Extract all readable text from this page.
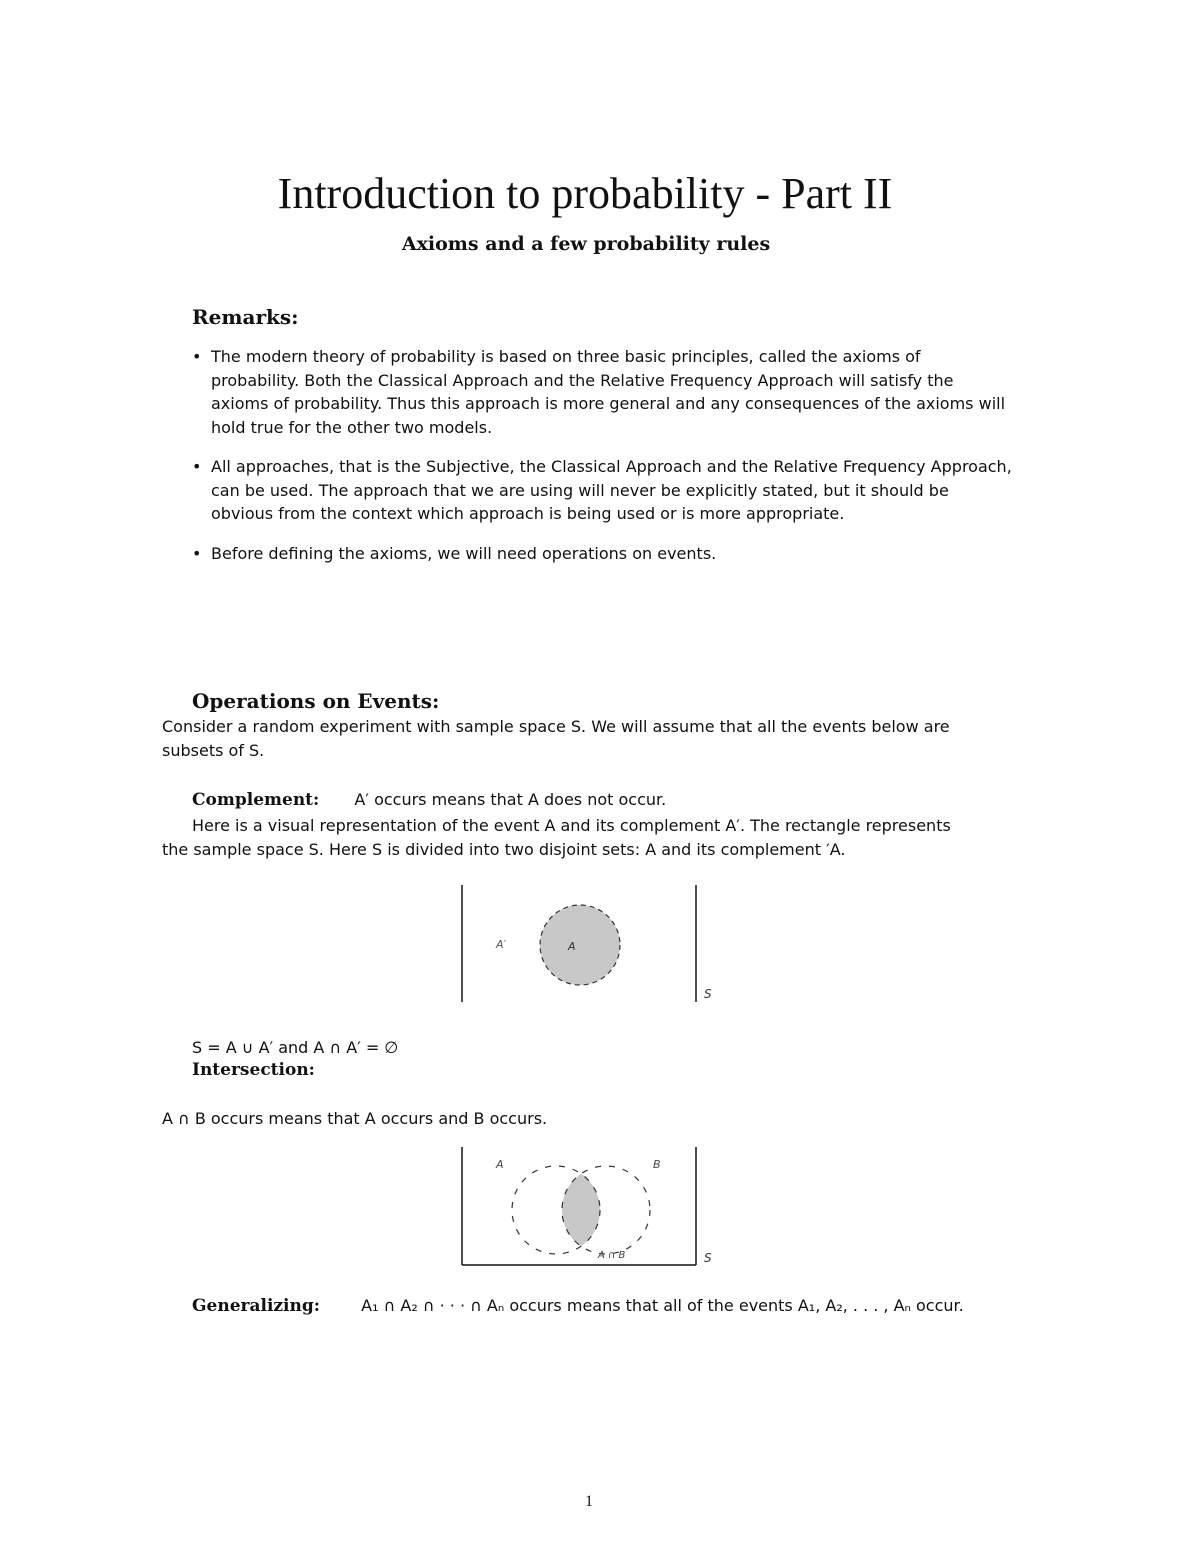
Introduction to probability - Part II
Axioms and a few probability rules
Remarks:
• The modern theory of probability is based on three basic principles, called the axioms of probability. Both the Classical Approach and the Relative Frequency Approach will satisfy the axioms of probability. Thus this approach is more general and any consequences of the axioms will hold true for the other two models.
• All approaches, that is the Subjective, the Classical Approach and the Relative Frequency Approach, can be used. The approach that we are using will never be explicitly stated, but it should be obvious from the context which approach is being used or is more appropriate.
• Before defining the axioms, we will need operations on events.
Operations on Events:
Consider a random experiment with sample space S. We will assume that all the events below are
subsets of S.
Complement: A′ occurs means that A does not occur.
Here is a visual representation of the event A and its complement A′. The rectangle represents
the sample space S. Here S is divided into two disjoint sets: A and its complement ′A.
A
A′
S
S = A ∪ A′ and A ∩ A′ = ∅
Intersection:
A ∩ B occurs means that A occurs and B occurs.
A	B
A ∩ B	S
Generalizing:	A₁ ∩ A₂ ∩ · · · ∩ Aₙ occurs means that all of the events A₁, A₂, . . . , Aₙ occur.
1
